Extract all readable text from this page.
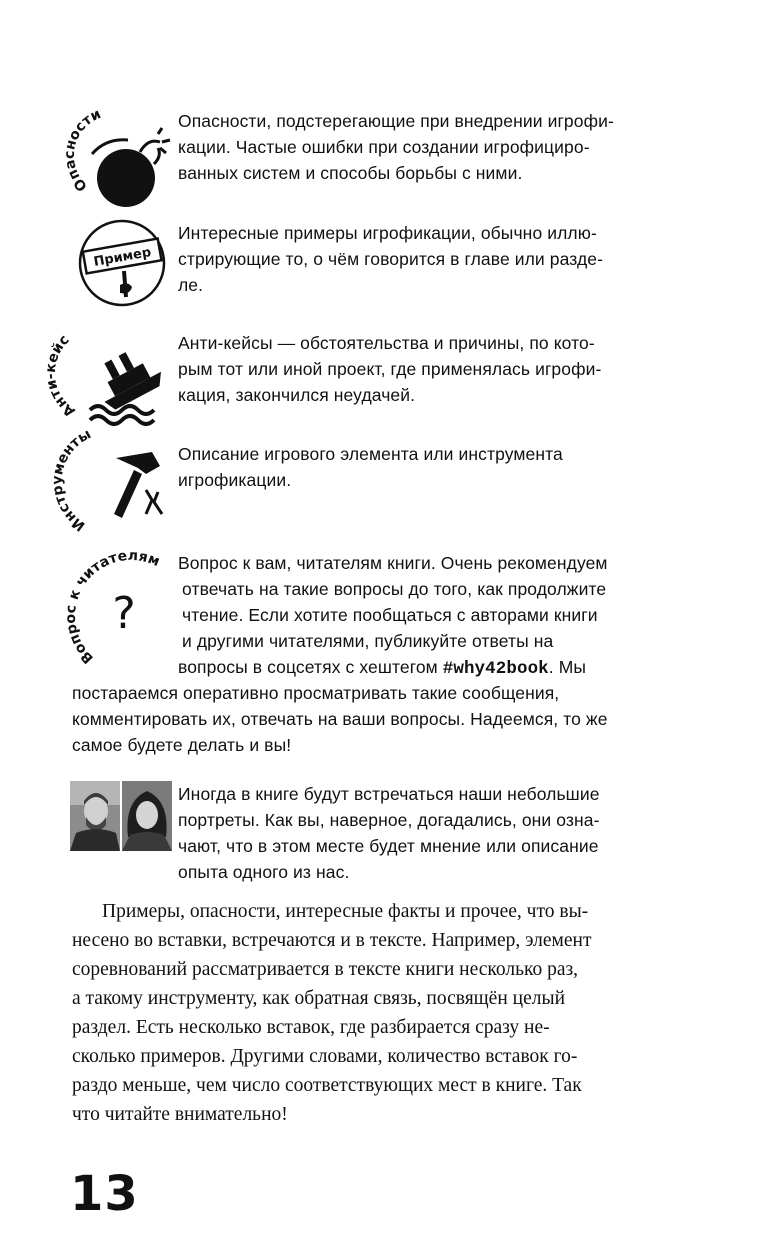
Опасности
Пример
Анти-кейс
Инструменты
Вопрос к читателям
?
Опасности, подстерегающие при внедрении игрофи-
кации. Частые ошибки при создании игрофициро-
ванных систем и способы борьбы с ними.
Интересные примеры игрофикации, обычно иллю-
стрирующие то, о чём говорится в главе или разде-
ле.
Анти-кейсы — обстоятельства и причины, по кото-
рым тот или иной проект, где применялась игрофи-
кация, закончился неудачей.
Описание игрового элемента или инструмента
игрофикации.
Вопрос к вам, читателям книги. Очень рекомендуем
отвечать на такие вопросы до того, как продолжите
чтение. Если хотите пообщаться с авторами книги
и другими читателями, публикуйте ответы на
вопросы в соцсетях с хештегом #why42book. Мы
постараемся оперативно просматривать такие сообщения,
комментировать их, отвечать на ваши вопросы. Надеемся, то же
самое будете делать и вы!
Иногда в книге будут встречаться наши небольшие
портреты. Как вы, наверное, догадались, они озна-
чают, что в этом месте будет мнение или описание
опыта одного из нас.
Примеры, опасности, интересные факты и прочее, что вы-
несено во вставки, встречаются и в тексте. Например, элемент
соревнований рассматривается в тексте книги несколько раз,
а такому инструменту, как обратная связь, посвящён целый
раздел. Есть несколько вставок, где разбирается сразу не-
сколько примеров. Другими словами, количество вставок го-
раздо меньше, чем число соответствующих мест в книге. Так
что читайте внимательно!
13
